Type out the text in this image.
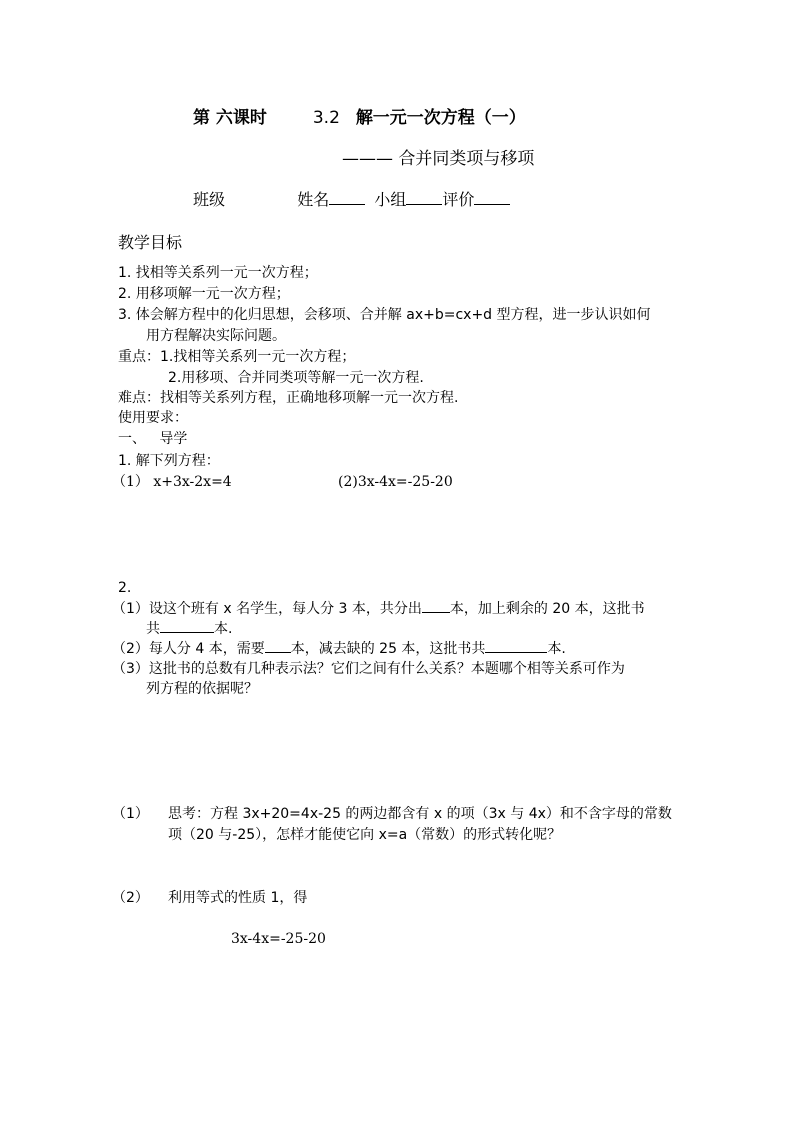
第 六课时	3.2 解一元一次方程（一）
——— 合并同类项与移项
班级	姓名	小组 评价
教学目标
1. 找相等关系列一元一次方程；
2. 用移项解一元一次方程；
3. 体会解方程中的化归思想，会移项、合并解 ax+b=cx+d 型方程，进一步认识如何
用方程解决实际问题。
重点：1.找相等关系列一元一次方程；
2.用移项、合并同类项等解一元一次方程.
难点：找相等关系列方程，正确地移项解一元一次方程.
使用要求：
一、   导学
1. 解下列方程：
（1） x+3x-2x=4	(2)3x-4x=-25-20
2.
（1）设这个班有 x 名学生，每人分 3 本，共分出 本，加上剩余的 20 本，这批书
共	本.
（2）每人分 4 本，需要 本，减去缺的 25 本，这批书共	本.
（3）这批书的总数有几种表示法？它们之间有什么关系？本题哪个相等关系可作为
列方程的依据呢？
（1） 思考：方程 3x+20=4x-25 的两边都含有 x 的项（3x 与 4x）和不含字母的常数
项（20 与-25），怎样才能使它向 x=a（常数）的形式转化呢？
（2） 利用等式的性质 1，得
3x-4x=-25-20
